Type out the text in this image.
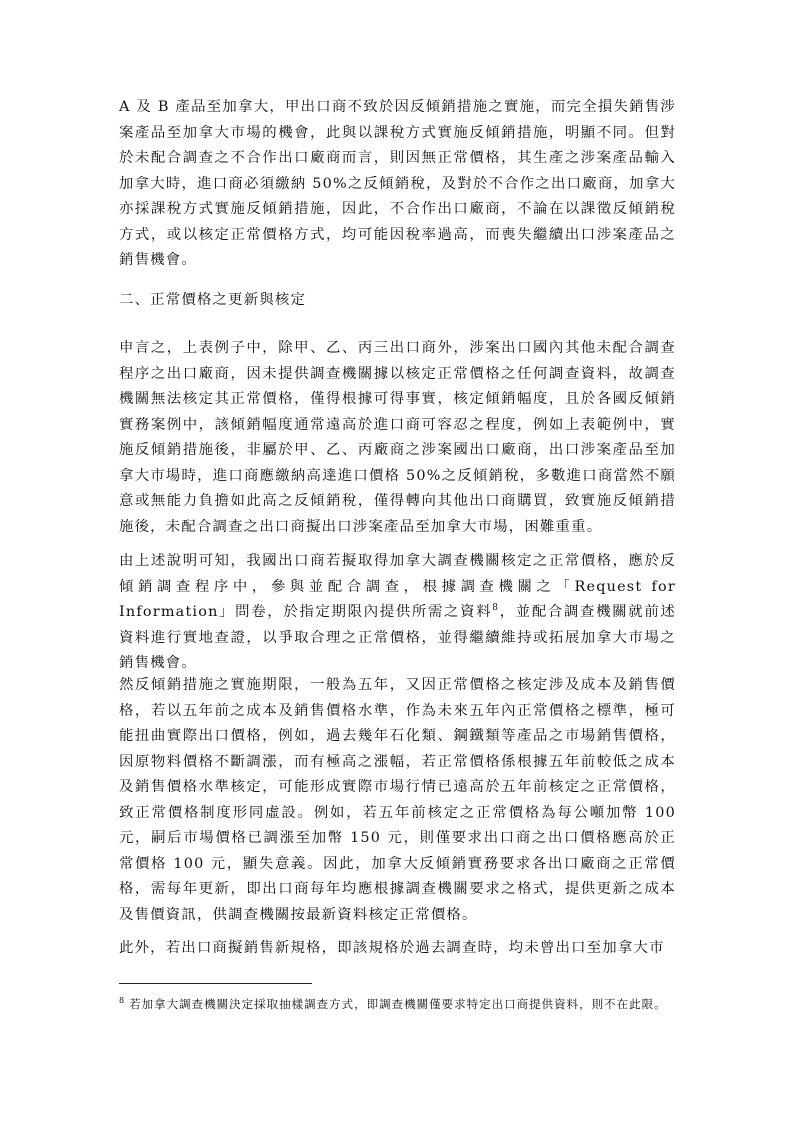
A 及 B 產品至加拿大，甲出口商不致於因反傾銷措施之實施，而完全損失銷售涉案產品至加拿大市場的機會，此與以課稅方式實施反傾銷措施，明顯不同。但對於未配合調查之不合作出口廠商而言，則因無正常價格，其生產之涉案產品輸入加拿大時，進口商必須繳納 50%之反傾銷稅，及對於不合作之出口廠商，加拿大亦採課稅方式實施反傾銷措施，因此，不合作出口廠商，不論在以課徵反傾銷稅方式，或以核定正常價格方式，均可能因稅率過高，而喪失繼續出口涉案產品之銷售機會。

二、正常價格之更新與核定

申言之，上表例子中，除甲、乙、丙三出口商外，涉案出口國內其他未配合調查程序之出口廠商，因未提供調查機關據以核定正常價格之任何調查資料，故調查機關無法核定其正常價格，僅得根據可得事實，核定傾銷幅度，且於各國反傾銷實務案例中，該傾銷幅度通常遠高於進口商可容忍之程度，例如上表範例中，實施反傾銷措施後，非屬於甲、乙、丙廠商之涉案國出口廠商，出口涉案產品至加拿大市場時，進口商應繳納高達進口價格 50%之反傾銷稅，多數進口商當然不願意或無能力負擔如此高之反傾銷稅，僅得轉向其他出口商購買，致實施反傾銷措施後，未配合調查之出口商擬出口涉案產品至加拿大市場，困難重重。

由上述說明可知，我國出口商若擬取得加拿大調查機關核定之正常價格，應於反傾銷調查程序中，參與並配合調查，根據調查機關之「Request for Information」問卷，於指定期限內提供所需之資料$^8$，並配合調查機關就前述資料進行實地查證，以爭取合理之正常價格，並得繼續維持或拓展加拿大市場之銷售機會。

然反傾銷措施之實施期限，一般為五年，又因正常價格之核定涉及成本及銷售價格，若以五年前之成本及銷售價格水準，作為未來五年內正常價格之標準，極可能扭曲實際出口價格，例如，過去幾年石化類、鋼鐵類等產品之市場銷售價格，因原物料價格不斷調漲，而有極高之漲幅，若正常價格係根據五年前較低之成本及銷售價格水準核定，可能形成實際市場行情已遠高於五年前核定之正常價格，致正常價格制度形同虛設。例如，若五年前核定之正常價格為每公噸加幣 100 元，嗣后市場價格已調漲至加幣 150 元，則僅要求出口商之出口價格應高於正常價格 100 元，顯失意義。因此，加拿大反傾銷實務要求各出口廠商之正常價格，需每年更新，即出口商每年均應根據調查機關要求之格式，提供更新之成本及售價資訊，供調查機關按最新資料核定正常價格。

此外，若出口商擬銷售新規格，即該規格於過去調查時，均未曾出口至加拿大市

$^8$ 若加拿大調查機關決定採取抽樣調查方式，即調查機關僅要求特定出口商提供資料，則不在此限。
